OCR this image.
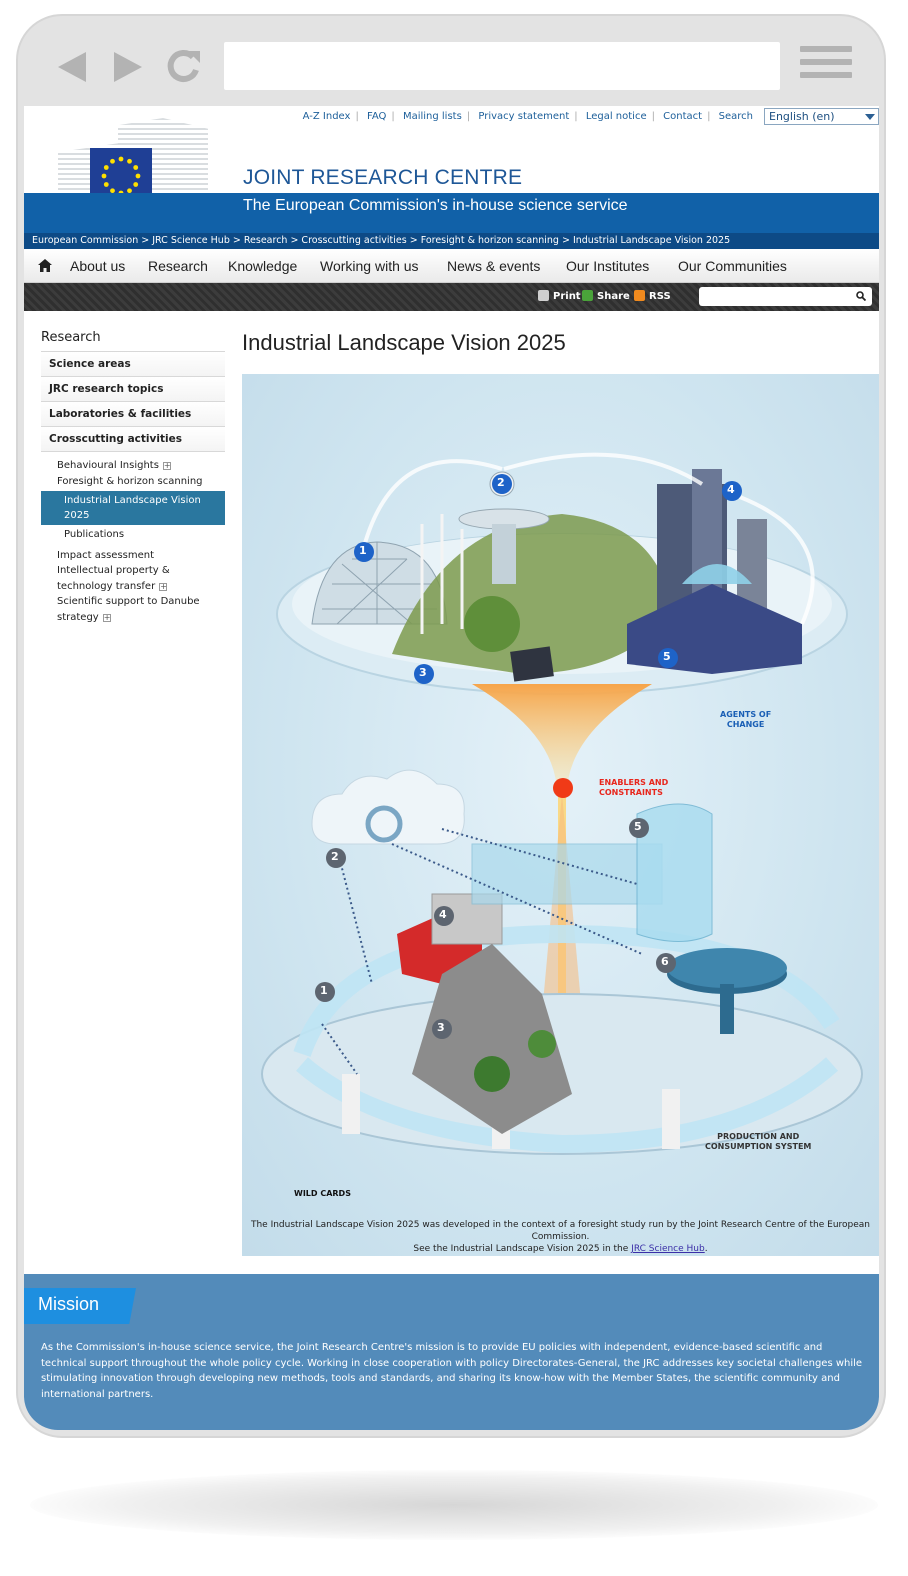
A-Z Index | FAQ | Mailing lists | Privacy statement | Legal notice | Contact | Search	English (en)
JOINT RESEARCH CENTRE
The European Commission's in-house science service
European Commission > JRC Science Hub > Research > Crosscutting activities > Foresight & horizon scanning > Industrial Landscape Vision 2025
About us Research Knowledge Working with us News & events Our Institutes Our Communities
Print	Share	RSS
Research
Science areas
JRC research topics
Laboratories & facilities
Crosscutting activities
Behavioural Insights +
Foresight & horizon scanning
Industrial Landscape Vision
2025
Publications
Impact assessment
Intellectual property &
technology transfer +
Scientific support to Danube
strategy +
Industrial Landscape Vision 2025
1
2
3
4
5
1
2
3
4
5
6
AGENTS OF
CHANGE
ENABLERS AND
CONSTRAINTS
PRODUCTION AND
CONSUMPTION SYSTEM
WILD CARDS
The Industrial Landscape Vision 2025 was developed in the context of a foresight study run by the Joint Research Centre of the European Commission.
See the Industrial Landscape Vision 2025 in the JRC Science Hub.
Mission
As the Commission's in-house science service, the Joint Research Centre's mission is to provide EU policies with independent, evidence-based scientific and technical support throughout the whole policy cycle. Working in close cooperation with policy Directorates-General, the JRC addresses key societal challenges while stimulating innovation through developing new methods, tools and standards, and sharing its know-how with the Member States, the scientific community and international partners.
